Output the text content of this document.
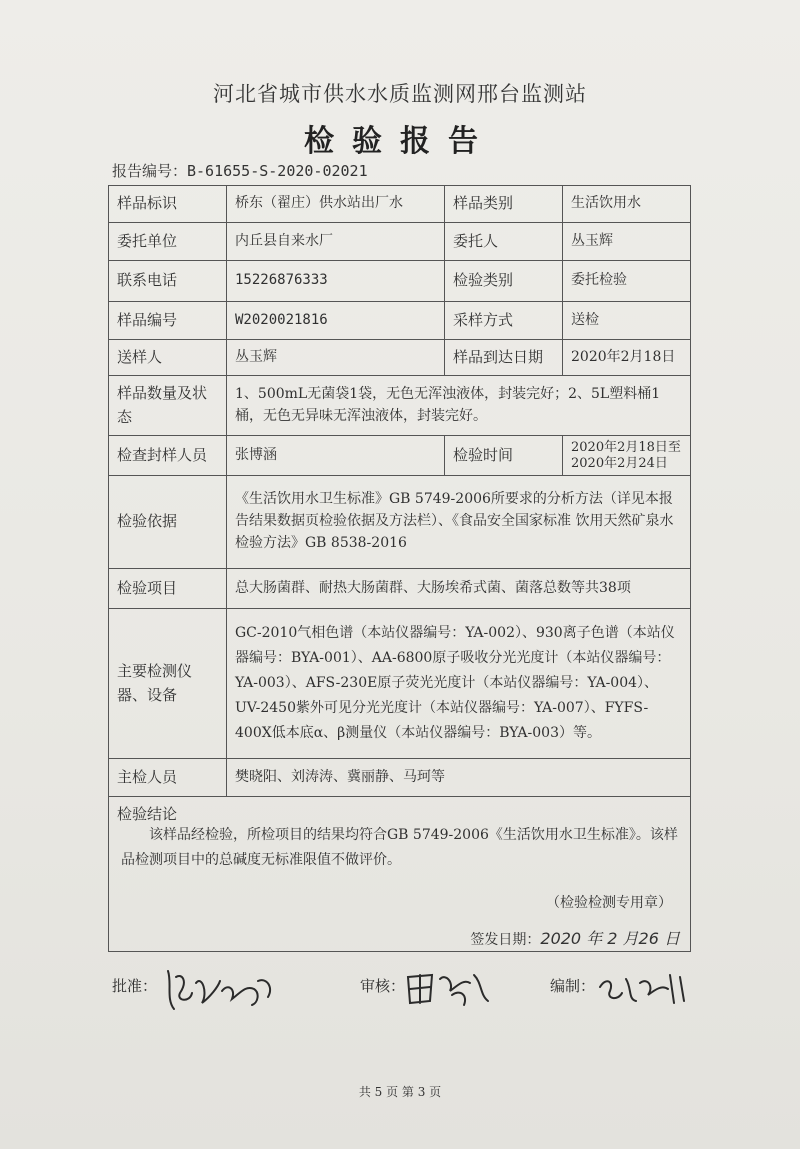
河北省城市供水水质监测网邢台监测站
检验报告
报告编号：B-61655-S-2020-02021
样品标识	桥东（翟庄）供水站出厂水	样品类别	生活饮用水
委托单位	内丘县自来水厂	委托人	丛玉辉
联系电话	15226876333	检验类别	委托检验
样品编号	W2020021816	采样方式	送检
送样人	丛玉辉	样品到达日期	2020年2月18日
样品数量及状态	1、500mL无菌袋1袋，无色无浑浊液体，封装完好；2、5L塑料桶1桶，无色无异味无浑浊液体，封装完好。		
检查封样人员	张博涵	检验时间	2020年2月18日至
2020年2月24日

检验依据	《生活饮用水卫生标准》GB 5749-2006所要求的分析方法（详见本报告结果数据页检验依据及方法栏）、《食品安全国家标准 饮用天然矿泉水检验方法》GB 8538-2016		
检验项目	总大肠菌群、耐热大肠菌群、大肠埃希式菌、菌落总数等共38项		
主要检测仪器、设备	GC-2010气相色谱（本站仪器编号：YA-002）、930离子色谱（本站仪器编号：BYA-001）、AA-6800原子吸收分光光度计（本站仪器编号：YA-003）、AFS-230E原子荧光光度计（本站仪器编号：YA-004）、UV-2450紫外可见分光光度计（本站仪器编号：YA-007）、FYFS-400X低本底α、β测量仪（本站仪器编号：BYA-003）等。		
主检人员	樊晓阳、刘涛涛、冀丽静、马珂等		

检验结论
该样品经检验，所检项目的结果均符合GB 5749-2006《生活饮用水卫生标准》。该样品检测项目中的总碱度无标准限值不做评价。
（检验检测专用章）
签发日期：2020 年 2 月26 日			
批准：	审核：	编制：
共 5 页 第 3 页
